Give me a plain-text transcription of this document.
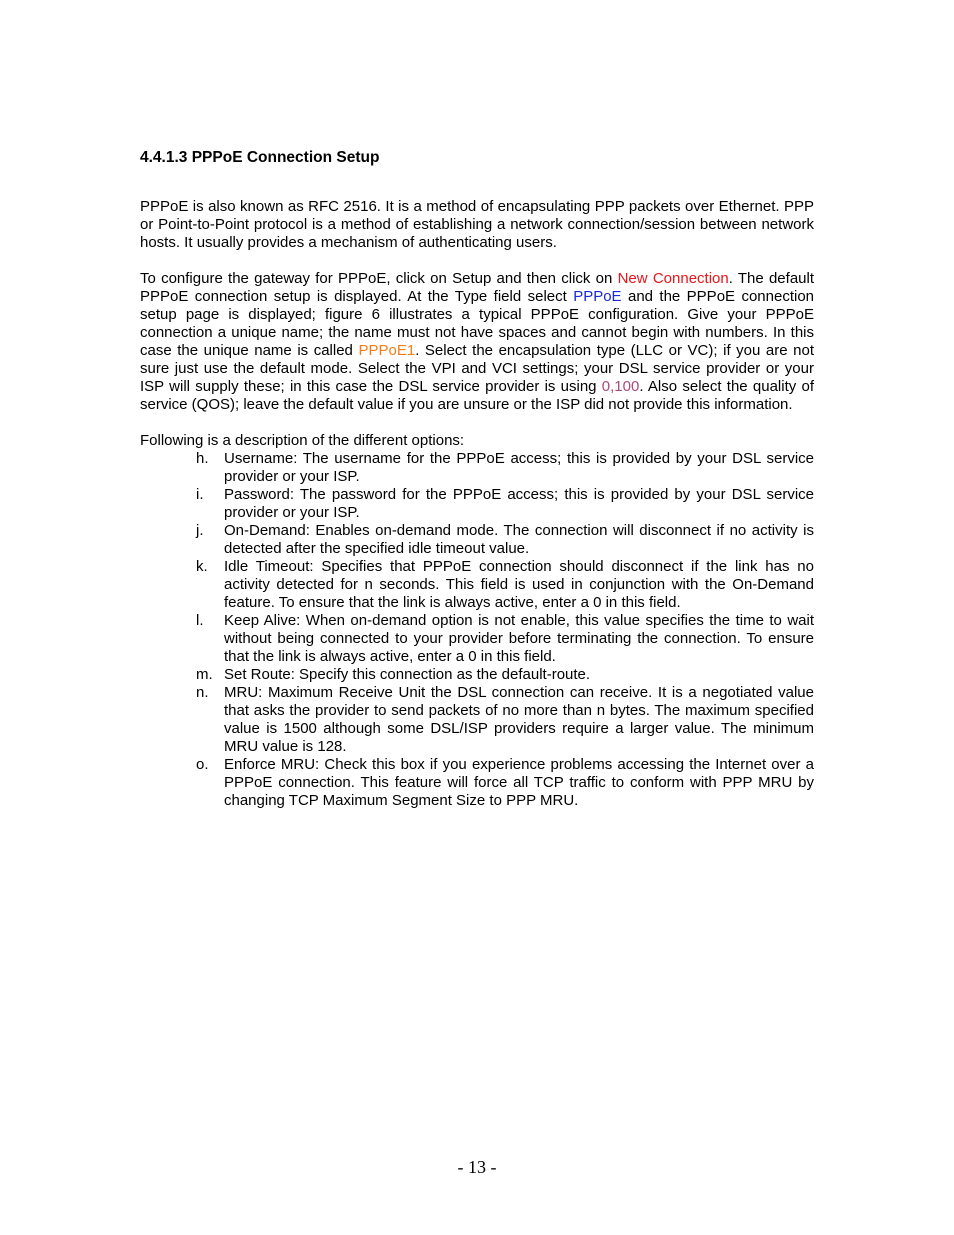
4.4.1.3 PPPoE Connection Setup

PPPoE is also known as RFC 2516. It is a method of encapsulating PPP packets over Ethernet. PPP or Point-to-Point protocol is a method of establishing a network connection/session between network hosts. It usually provides a mechanism of authenticating users.

To configure the gateway for PPPoE, click on Setup and then click on New Connection. The default PPPoE connection setup is displayed. At the Type field select PPPoE and the PPPoE connection setup page is displayed; figure 6 illustrates a typical PPPoE configuration. Give your PPPoE connection a unique name; the name must not have spaces and cannot begin with numbers. In this case the unique name is called PPPoE1. Select the encapsulation type (LLC or VC); if you are not sure just use the default mode. Select the VPI and VCI settings; your DSL service provider or your ISP will supply these; in this case the DSL service provider is using 0,100. Also select the quality of service (QOS); leave the default value if you are unsure or the ISP did not provide this information.

Following is a description of the different options:

h. Username: The username for the PPPoE access; this is provided by your DSL service provider or your ISP.
i. Password: The password for the PPPoE access; this is provided by your DSL service provider or your ISP.
j. On-Demand: Enables on-demand mode. The connection will disconnect if no activity is detected after the specified idle timeout value.
k. Idle Timeout: Specifies that PPPoE connection should disconnect if the link has no activity detected for n seconds. This field is used in conjunction with the On-Demand feature. To ensure that the link is always active, enter a 0 in this field.
l. Keep Alive: When on-demand option is not enable, this value specifies the time to wait without being connected to your provider before terminating the connection. To ensure that the link is always active, enter a 0 in this field.
m. Set Route: Specify this connection as the default-route.
n. MRU: Maximum Receive Unit the DSL connection can receive. It is a negotiated value that asks the provider to send packets of no more than n bytes. The maximum specified value is 1500 although some DSL/ISP providers require a larger value. The minimum MRU value is 128.
o. Enforce MRU: Check this box if you experience problems accessing the Internet over a PPPoE connection. This feature will force all TCP traffic to conform with PPP MRU by changing TCP Maximum Segment Size to PPP MRU.
- 13 -
